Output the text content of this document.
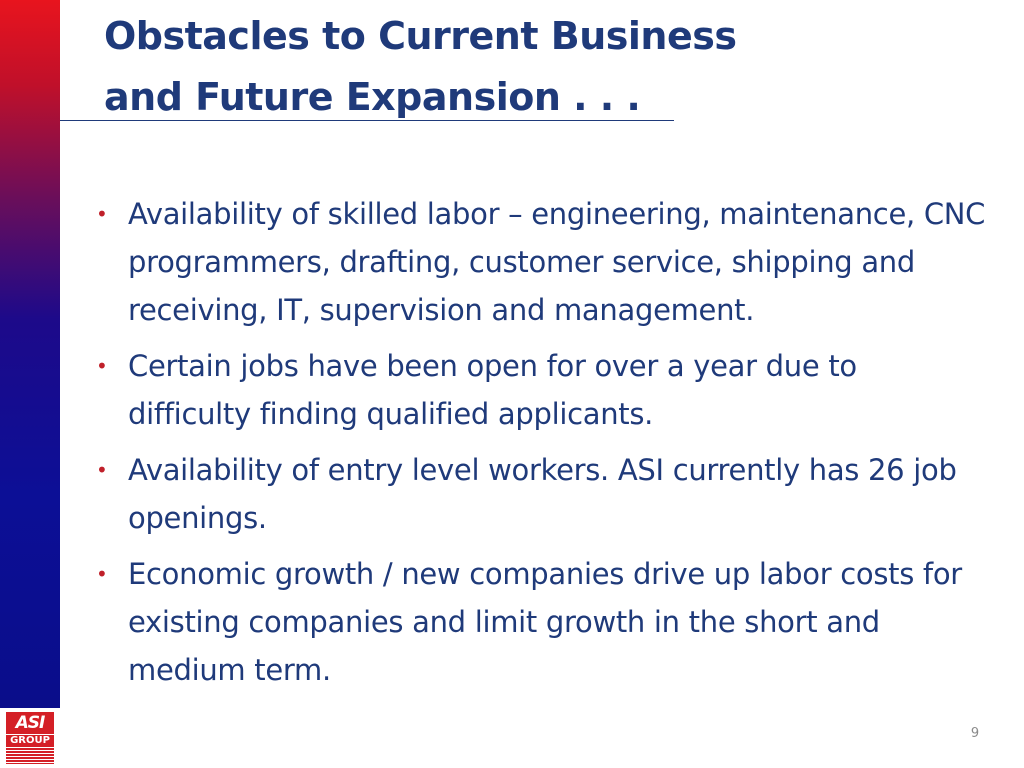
Obstacles to Current Business
and Future Expansion . . .
• Availability of skilled labor – engineering, maintenance, CNC programmers, drafting, customer service, shipping and receiving, IT, supervision and management.
• Certain jobs have been open for over a year due to difficulty finding qualified applicants.
• Availability of entry level workers. ASI currently has 26 job openings.
• Economic growth / new companies drive up labor costs for existing companies and limit growth in the short and medium term.
ASI
GROUP	9
